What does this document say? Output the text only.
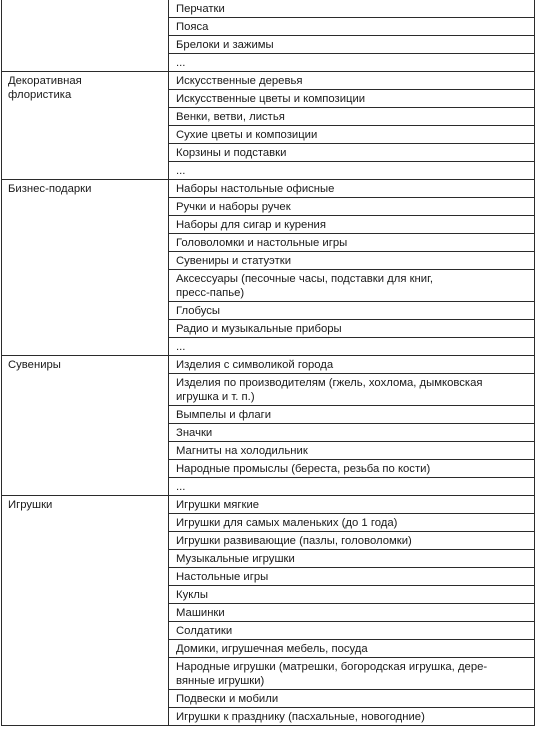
	Перчатки

	Пояса

	Брелоки и зажимы

	...

Декоративная
флористика	Искусственные деревья

	Искусственные цветы и композиции

	Венки, ветви, листья

	Сухие цветы и композиции

	Корзины и подставки

	...

Бизнес-подарки	Наборы настольные офисные

	Ручки и наборы ручек

	Наборы для сигар и курения

	Головоломки и настольные игры

	Сувениры и статуэтки

	Аксессуары (песочные часы, подставки для книг,
пресс-папье)

	Глобусы

	Радио и музыкальные приборы

	...

Сувениры	Изделия с символикой города

	Изделия по производителям (гжель, хохлома, дымковская
игрушка и т. п.)

	Вымпелы и флаги

	Значки

	Магниты на холодильник

	Народные промыслы (береста, резьба по кости)

	...

Игрушки	Игрушки мягкие

	Игрушки для самых маленьких (до 1 года)

	Игрушки развивающие (пазлы, головоломки)

	Музыкальные игрушки

	Настольные игры

	Куклы

	Машинки

	Солдатики

	Домики, игрушечная мебель, посуда

	Народные игрушки (матрешки, богородская игрушка, дере-
вянные игрушки)

	Подвески и мобили

	Игрушки к празднику (пасхальные, новогодние)
